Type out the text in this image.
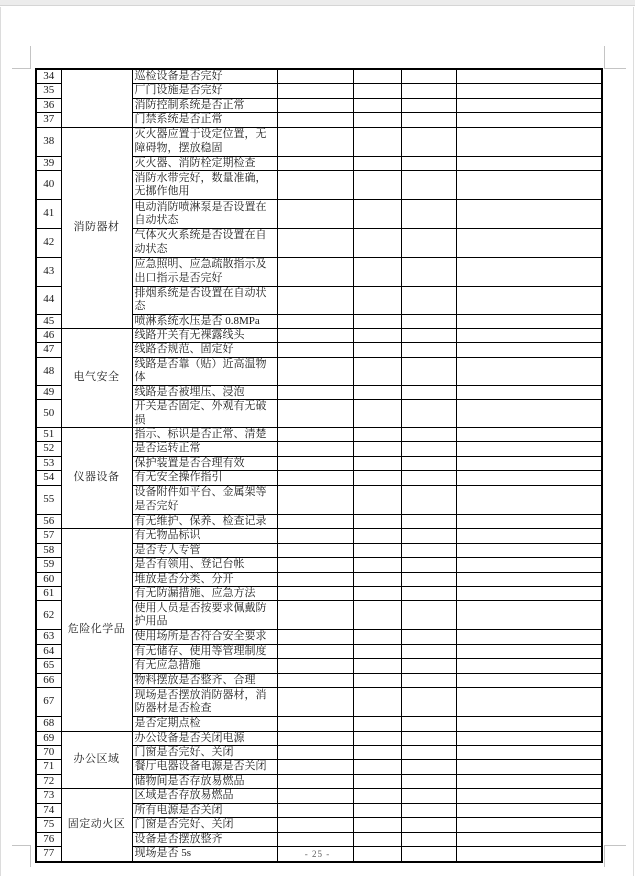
34		巡检设备是否完好				
35		厂门设施是否完好				
36		消防控制系统是否正常				
37		门禁系统是否正常				
38	消防器材	灭火器应置于设定位置，无障碍物，摆放稳固				
39		灭火器、消防栓定期检查				
40		消防水带完好，数量准确，无挪作他用				
41		电动消防喷淋泵是否设置在自动状态				
42		气体灭火系统是否设置在自动状态				
43		应急照明、应急疏散指示及出口指示是否完好				
44		排烟系统是否设置在自动状态				
45		喷淋系统水压是否 0.8MPa				
46	电气安全	线路开关有无裸露线头				
47		线路否规范、固定好				
48		线路是否靠（贴）近高温物体				
49		线路是否被埋压、浸泡				
50		开关是否固定、外观有无破损				
51	仪器设备	指示、标识是否正常、清楚				
52		是否运转正常				
53		保护装置是否合理有效				
54		有无安全操作指引				
55		设备附件如平台、金属架等是否完好				
56		有无维护、保养、检查记录				
57	危险化学品	有无物品标识				
58		是否专人专管				
59		是否有领用、登记台帐				
60		堆放是否分类、分开				
61		有无防漏措施、应急方法				
62		使用人员是否按要求佩戴防护用品				
63		使用场所是否符合安全要求				
64		有无储存、使用等管理制度				
65		有无应急措施				
66		物料摆放是否整齐、合理				
67		现场是否摆放消防器材，消防器材是否检查				
68		是否定期点检				
69	办公区域	办公设备是否关闭电源				
70		门窗是否完好、关闭				
71		餐厅电器设备电源是否关闭				
72		储物间是否存放易燃品				
73	固定动火区	区域是否存放易燃品				
74		所有电源是否关闭				
75		门窗是否完好、关闭				
76		设备是否摆放整齐				
77		现场是否 5s					- 25 -
